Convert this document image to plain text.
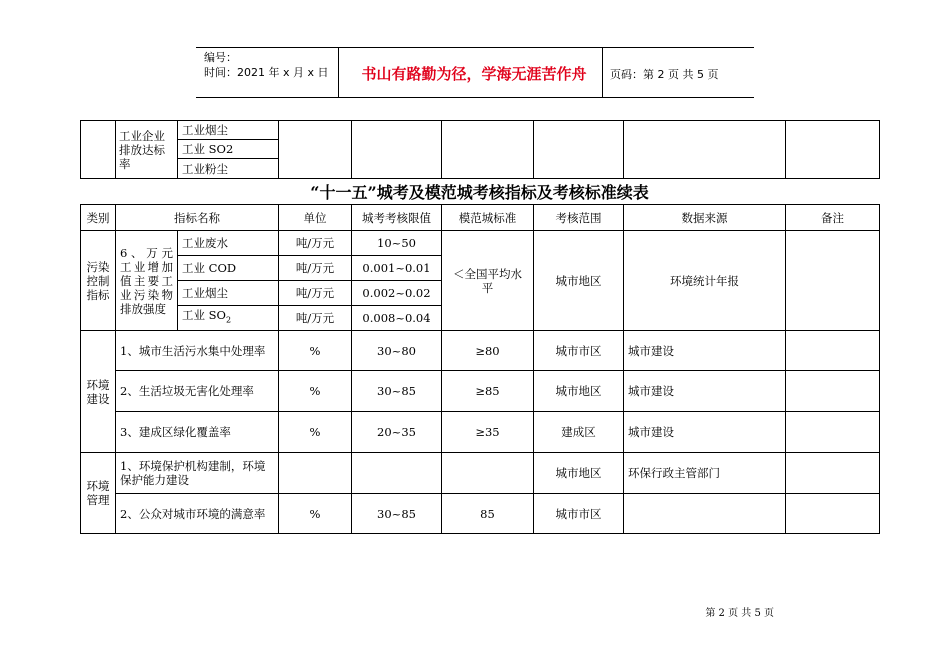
编号：
时间：2021 年 x 月 x 日	书山有路勤为径，学海无涯苦作舟	页码：第 2 页 共 5 页
	工业企业排放达标率	工业烟尘						
工业 SO2
工业粉尘
“十一五”城考及模范城考核指标及考核标准续表
类别	指标名称		单位	城考考核限值	模范城标准	考核范围	数据来源	备注
污染控制指标	6、万元工业增加值主要工业污染物排放强度	工业废水	吨/万元	10~50	＜全国平均水平	城市地区	环境统计年报	
		工业 COD	吨/万元	0.001~0.01				
		工业烟尘	吨/万元	0.002~0.02				
		工业 $SO_2$	吨/万元	0.008~0.04				
环境建设	1、城市生活污水集中处理率		%	30~80	≥80	城市市区	城市建设	
	2、生活垃圾无害化处理率		%	30~85	≥85	城市地区	城市建设	
	3、建成区绿化覆盖率		%	20~35	≥35	建成区	城市建设	
环境管理	1、环境保护机构建制，环境保护能力建设					城市地区	环保行政主管部门	
	2、公众对城市环境的满意率		%	30~85	85	城市市区		
第 2 页 共 5 页
